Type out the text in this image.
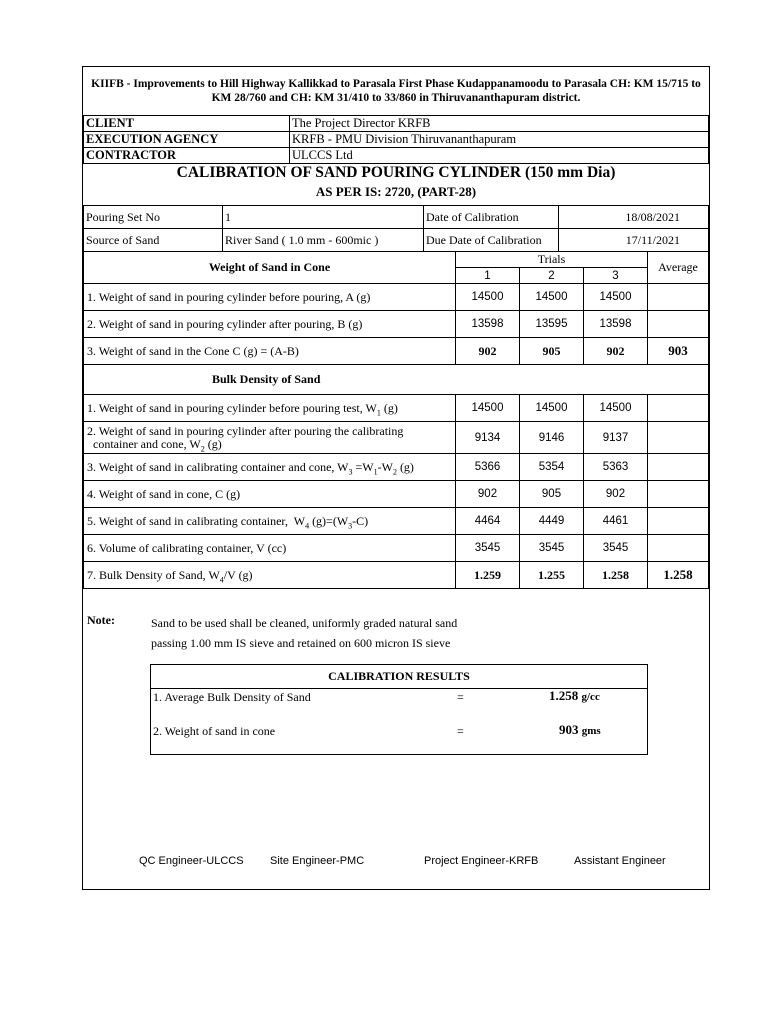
KIIFB - Improvements to Hill Highway Kallikkad to Parasala First Phase Kudappanamoodu to Parasala CH: KM 15/715 to KM 28/760 and CH: KM 31/410 to 33/860 in Thiruvananthapuram district.
CLIENT	The Project Director KRFB
EXECUTION AGENCY	KRFB - PMU Division Thiruvananthapuram
CONTRACTOR	ULCCS Ltd
CALIBRATION OF SAND POURING CYLINDER (150 mm Dia)
AS PER IS: 2720, (PART-28)
Pouring Set No	1	Date of Calibration	18/08/2021
Source of Sand	River Sand ( 1.0 mm - 600mic )	Due Date of Calibration	17/11/2021
Weight of Sand in Cone	Trials			Average
	1	2	3	
1. Weight of sand in pouring cylinder before pouring, A (g)	14500	14500	14500	
2. Weight of sand in pouring cylinder after pouring, B (g)	13598	13595	13598	
3. Weight of sand in the Cone C (g) = (A-B)	902	905	902	903
Bulk Density of Sand				
1. Weight of sand in pouring cylinder before pouring test, $W_1$ (g)	14500	14500	14500	
2. Weight of sand in pouring cylinder after pouring the calibrating
container and cone, $W_2$ (g)	9134	9146	9137	
3. Weight of sand in calibrating container and cone, $W_3 =W_1-W_2$ (g)	5366	5354	5363	
4. Weight of sand in cone, C (g)	902	905	902	
5. Weight of sand in calibrating container,  $W_4$ $(g)=(W_3-C)$	4464	4449	4461	
6. Volume of calibrating container, V (cc)	3545	3545	3545	
7. Bulk Density of Sand, $W_4/V$ (g)	1.259	1.255	1.258	1.258
Note:	Sand to be used shall be cleaned, uniformly graded natural sand
passing 1.00 mm IS sieve and retained on 600 micron IS sieve
CALIBRATION RESULTS
1. Average Bulk Density of Sand	=	1.258 g/cc
2. Weight of sand in cone	=	903 gms
QC Engineer-ULCCS Site Engineer-PMC	Project Engineer-KRFB	Assistant Engineer
